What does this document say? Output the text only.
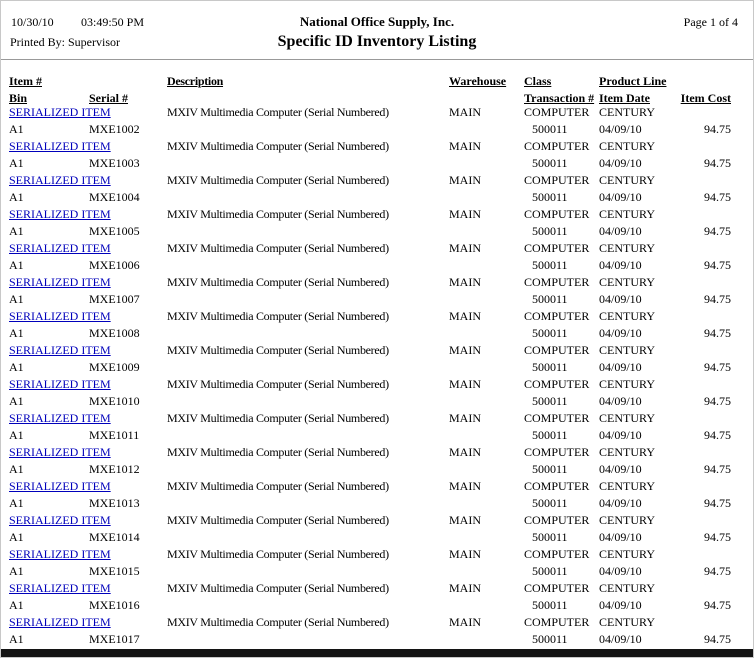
10/30/10 03:49:50 PM	National Office Supply, Inc.	Page 1 of 4
Printed By: Supervisor	Specific ID Inventory Listing
Item #	Description	Warehouse Class	Product Line
Bin	Serial #	Transaction # Item Date	Item Cost
SERIALIZED ITEM	MXIV Multimedia Computer (Serial Numbered)	MAIN	COMPUTER CENTURY
A1	MXE1002	500011	04/09/10	94.75
SERIALIZED ITEM	MXIV Multimedia Computer (Serial Numbered)	MAIN	COMPUTER CENTURY
A1	MXE1003	500011	04/09/10	94.75
SERIALIZED ITEM	MXIV Multimedia Computer (Serial Numbered)	MAIN	COMPUTER CENTURY
A1	MXE1004	500011	04/09/10	94.75
SERIALIZED ITEM	MXIV Multimedia Computer (Serial Numbered)	MAIN	COMPUTER CENTURY
A1	MXE1005	500011	04/09/10	94.75
SERIALIZED ITEM	MXIV Multimedia Computer (Serial Numbered)	MAIN	COMPUTER CENTURY
A1	MXE1006	500011	04/09/10	94.75
SERIALIZED ITEM	MXIV Multimedia Computer (Serial Numbered)	MAIN	COMPUTER CENTURY
A1	MXE1007	500011	04/09/10	94.75
SERIALIZED ITEM	MXIV Multimedia Computer (Serial Numbered)	MAIN	COMPUTER CENTURY
A1	MXE1008	500011	04/09/10	94.75
SERIALIZED ITEM	MXIV Multimedia Computer (Serial Numbered)	MAIN	COMPUTER CENTURY
A1	MXE1009	500011	04/09/10	94.75
SERIALIZED ITEM	MXIV Multimedia Computer (Serial Numbered)	MAIN	COMPUTER CENTURY
A1	MXE1010	500011	04/09/10	94.75
SERIALIZED ITEM	MXIV Multimedia Computer (Serial Numbered)	MAIN	COMPUTER CENTURY
A1	MXE1011	500011	04/09/10	94.75
SERIALIZED ITEM	MXIV Multimedia Computer (Serial Numbered)	MAIN	COMPUTER CENTURY
A1	MXE1012	500011	04/09/10	94.75
SERIALIZED ITEM	MXIV Multimedia Computer (Serial Numbered)	MAIN	COMPUTER CENTURY
A1	MXE1013	500011	04/09/10	94.75
SERIALIZED ITEM	MXIV Multimedia Computer (Serial Numbered)	MAIN	COMPUTER CENTURY
A1	MXE1014	500011	04/09/10	94.75
SERIALIZED ITEM	MXIV Multimedia Computer (Serial Numbered)	MAIN	COMPUTER CENTURY
A1	MXE1015	500011	04/09/10	94.75
SERIALIZED ITEM	MXIV Multimedia Computer (Serial Numbered)	MAIN	COMPUTER CENTURY
A1	MXE1016	500011	04/09/10	94.75
SERIALIZED ITEM	MXIV Multimedia Computer (Serial Numbered)	MAIN	COMPUTER CENTURY
A1	MXE1017	500011	04/09/10	94.75
